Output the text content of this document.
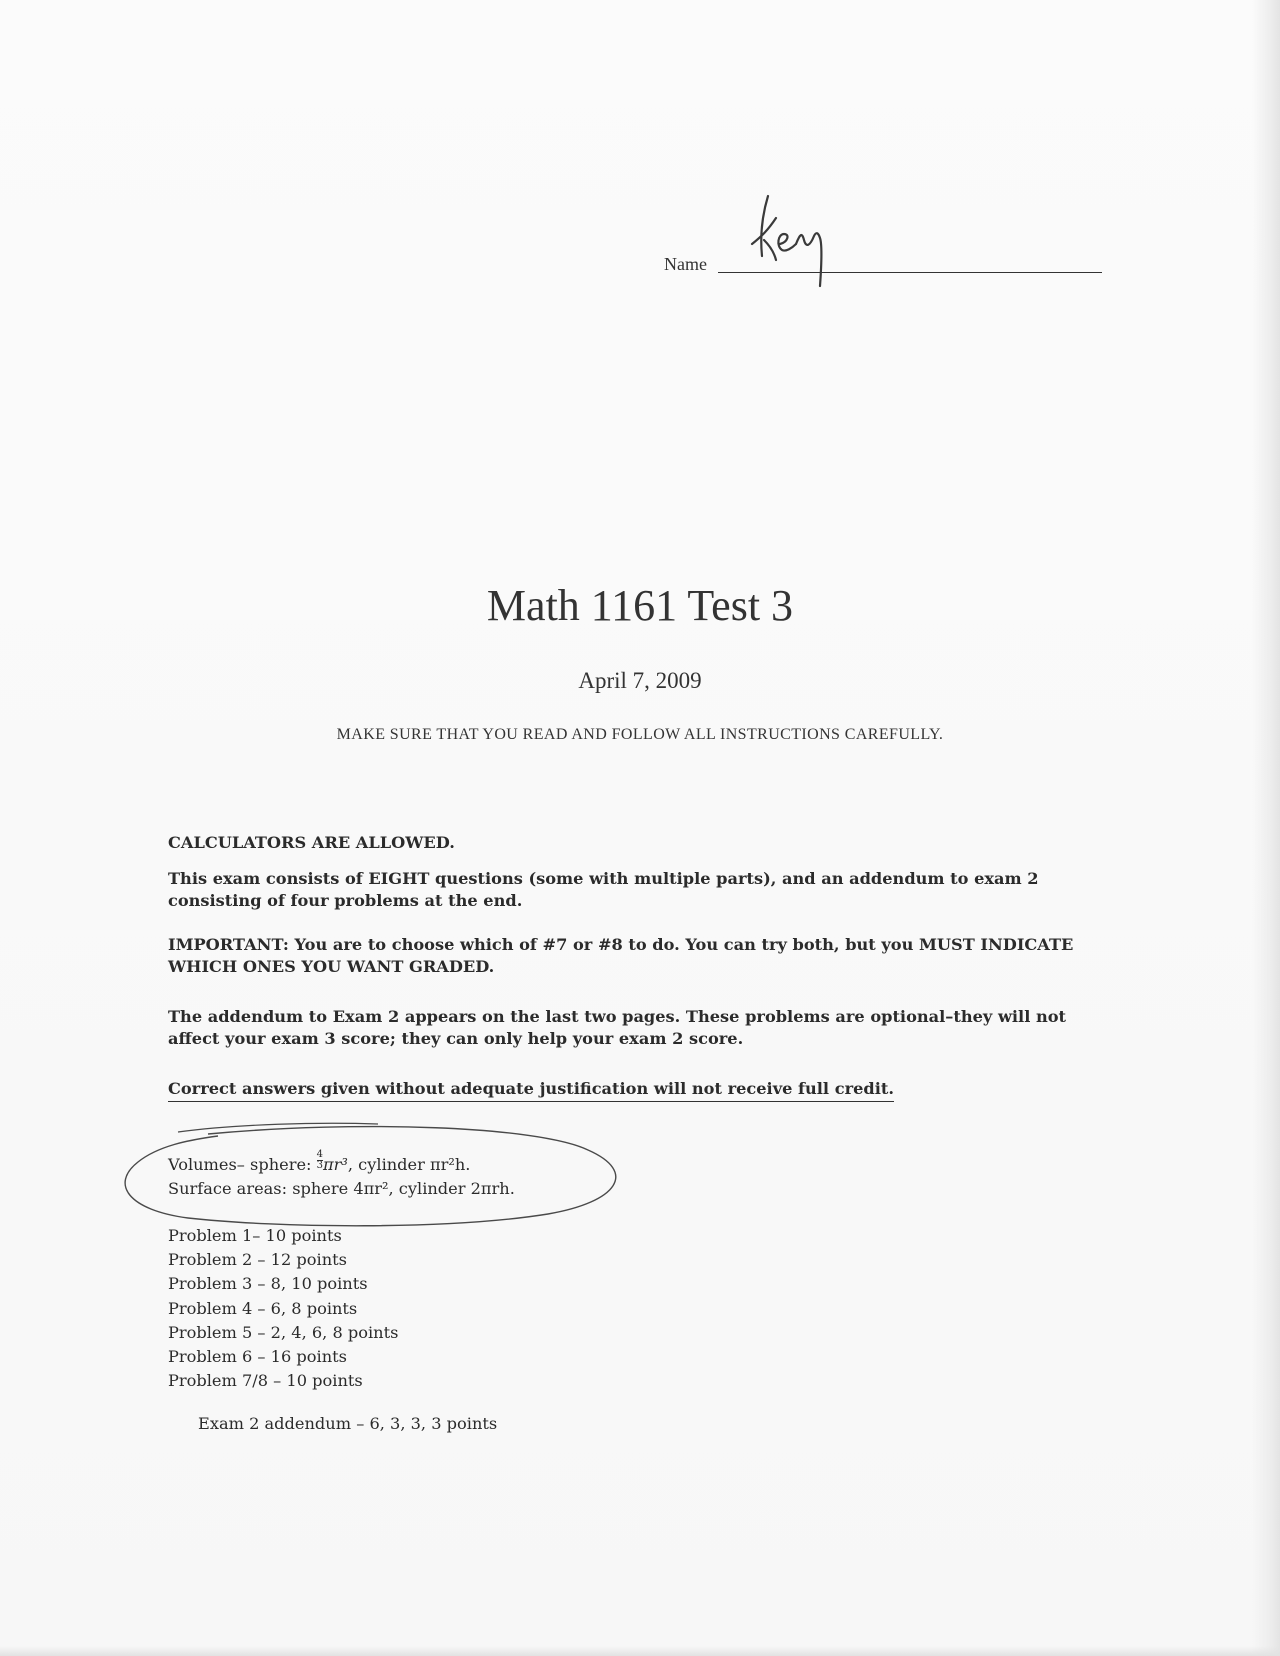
Name
Math 1161 Test 3
April 7, 2009
MAKE SURE THAT YOU READ AND FOLLOW ALL INSTRUCTIONS CAREFULLY.
CALCULATORS ARE ALLOWED.
This exam consists of EIGHT questions (some with multiple parts), and an addendum to exam 2 consisting of four problems at the end.
IMPORTANT: You are to choose which of #7 or #8 to do. You can try both, but you MUST INDICATE WHICH ONES YOU WANT GRADED.
The addendum to Exam 2 appears on the last two pages. These problems are optional–they will not affect your exam 3 score; they can only help your exam 2 score.
Correct answers given without adequate justification will not receive full credit.
Volumes– sphere: $\frac{4}{3} \pi r^3$, cylinder πr²h.
Surface areas: sphere 4πr², cylinder 2πrh.
Problem 1– 10 points
Problem 2 – 12 points
Problem 3 – 8, 10 points
Problem 4 – 6, 8 points
Problem 5 – 2, 4, 6, 8 points
Problem 6 – 16 points
Problem 7/8 – 10 points
Exam 2 addendum – 6, 3, 3, 3 points
